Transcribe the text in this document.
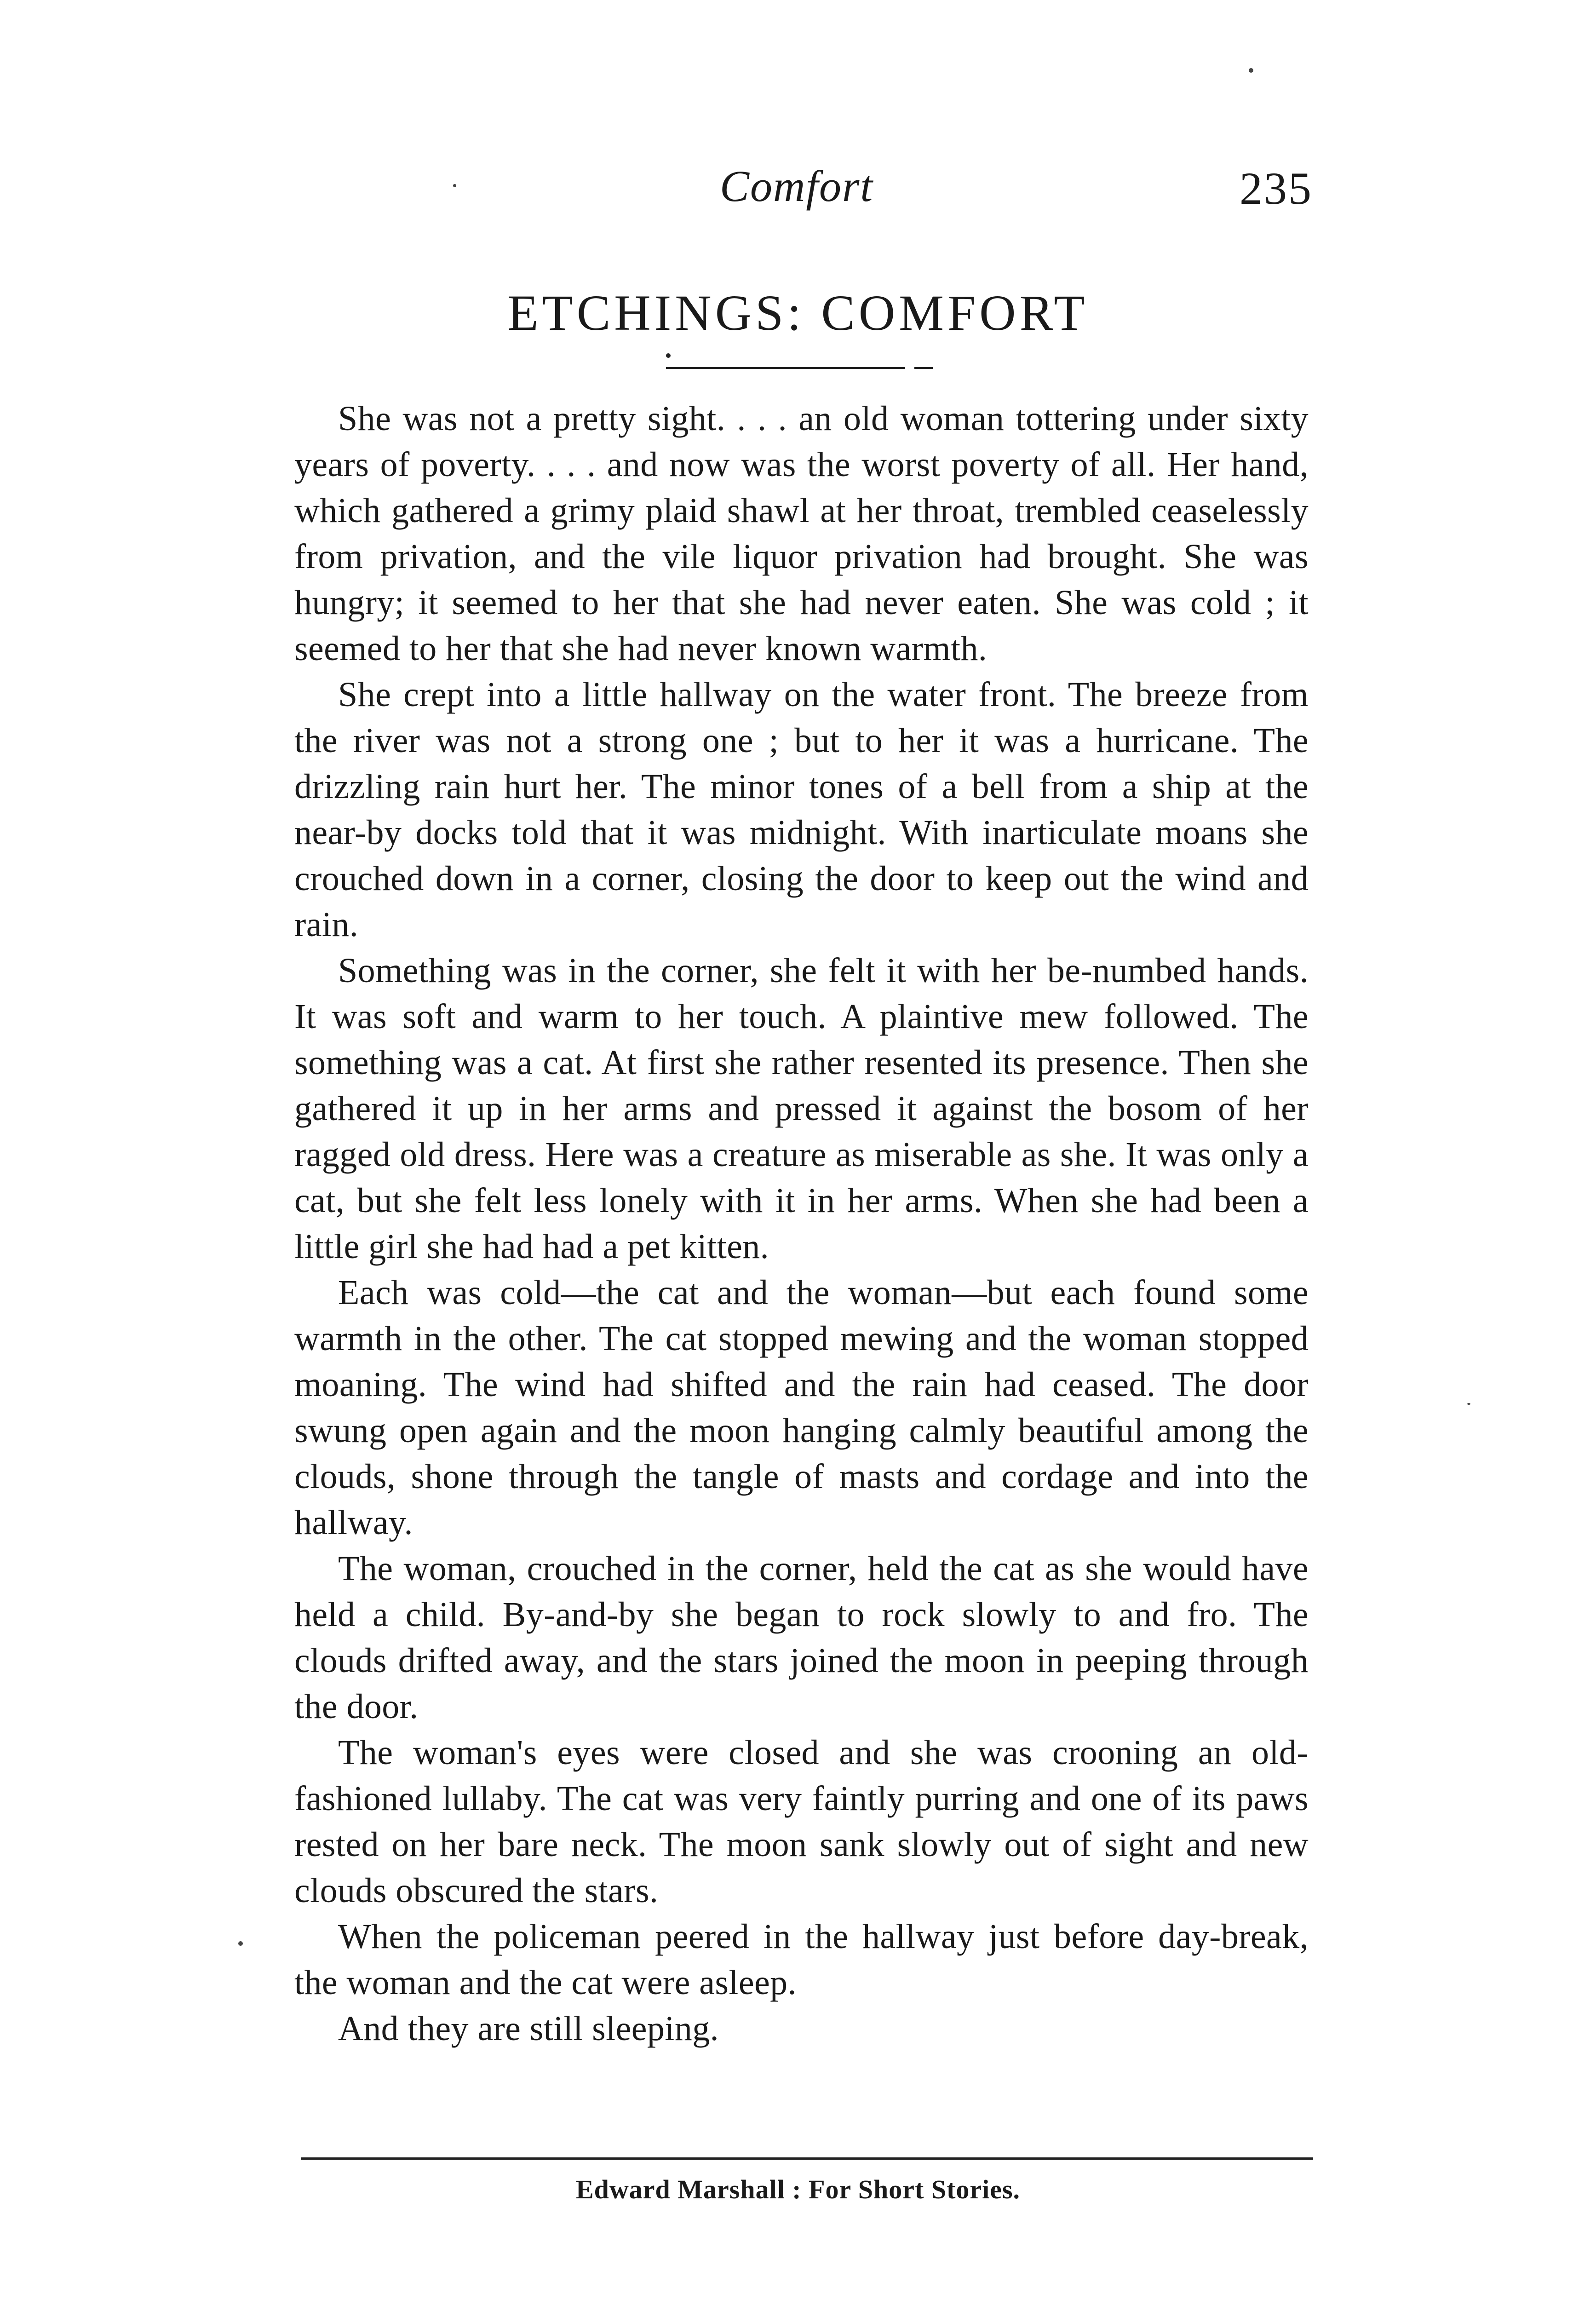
Comfort	235
ETCHINGS: COMFORT

She was not a pretty sight. . . . an old woman tottering under sixty years of poverty. . . . and now was the worst poverty of all. Her hand, which gathered a grimy plaid shawl at her throat, trembled ceaselessly from privation, and the vile liquor privation had brought. She was hungry; it seemed to her that she had never eaten. She was cold ; it seemed to her that she had never known warmth.

She crept into a little hallway on the water front. The breeze from the river was not a strong one ; but to her it was a hurricane. The drizzling rain hurt her. The minor tones of a bell from a ship at the near-by docks told that it was midnight. With inarticulate moans she crouched down in a corner, closing the door to keep out the wind and rain.

Something was in the corner, she felt it with her be-numbed hands. It was soft and warm to her touch. A plaintive mew followed. The something was a cat. At first she rather resented its presence. Then she gathered it up in her arms and pressed it against the bosom of her ragged old dress. Here was a creature as miserable as she. It was only a cat, but she felt less lonely with it in her arms. When she had been a little girl she had had a pet kitten.

Each was cold—the cat and the woman—but each found some warmth in the other. The cat stopped mewing and the woman stopped moaning. The wind had shifted and the rain had ceased. The door swung open again and the moon hanging calmly beautiful among the clouds, shone through the tangle of masts and cordage and into the hallway.

The woman, crouched in the corner, held the cat as she would have held a child. By-and-by she began to rock slowly to and fro. The clouds drifted away, and the stars joined the moon in peeping through the door.

The woman's eyes were closed and she was crooning an old-fashioned lullaby. The cat was very faintly purring and one of its paws rested on her bare neck. The moon sank slowly out of sight and new clouds obscured the stars.

When the policeman peered in the hallway just before day-break, the woman and the cat were asleep.

And they are still sleeping.

Edward Marshall : For Short Stories.
